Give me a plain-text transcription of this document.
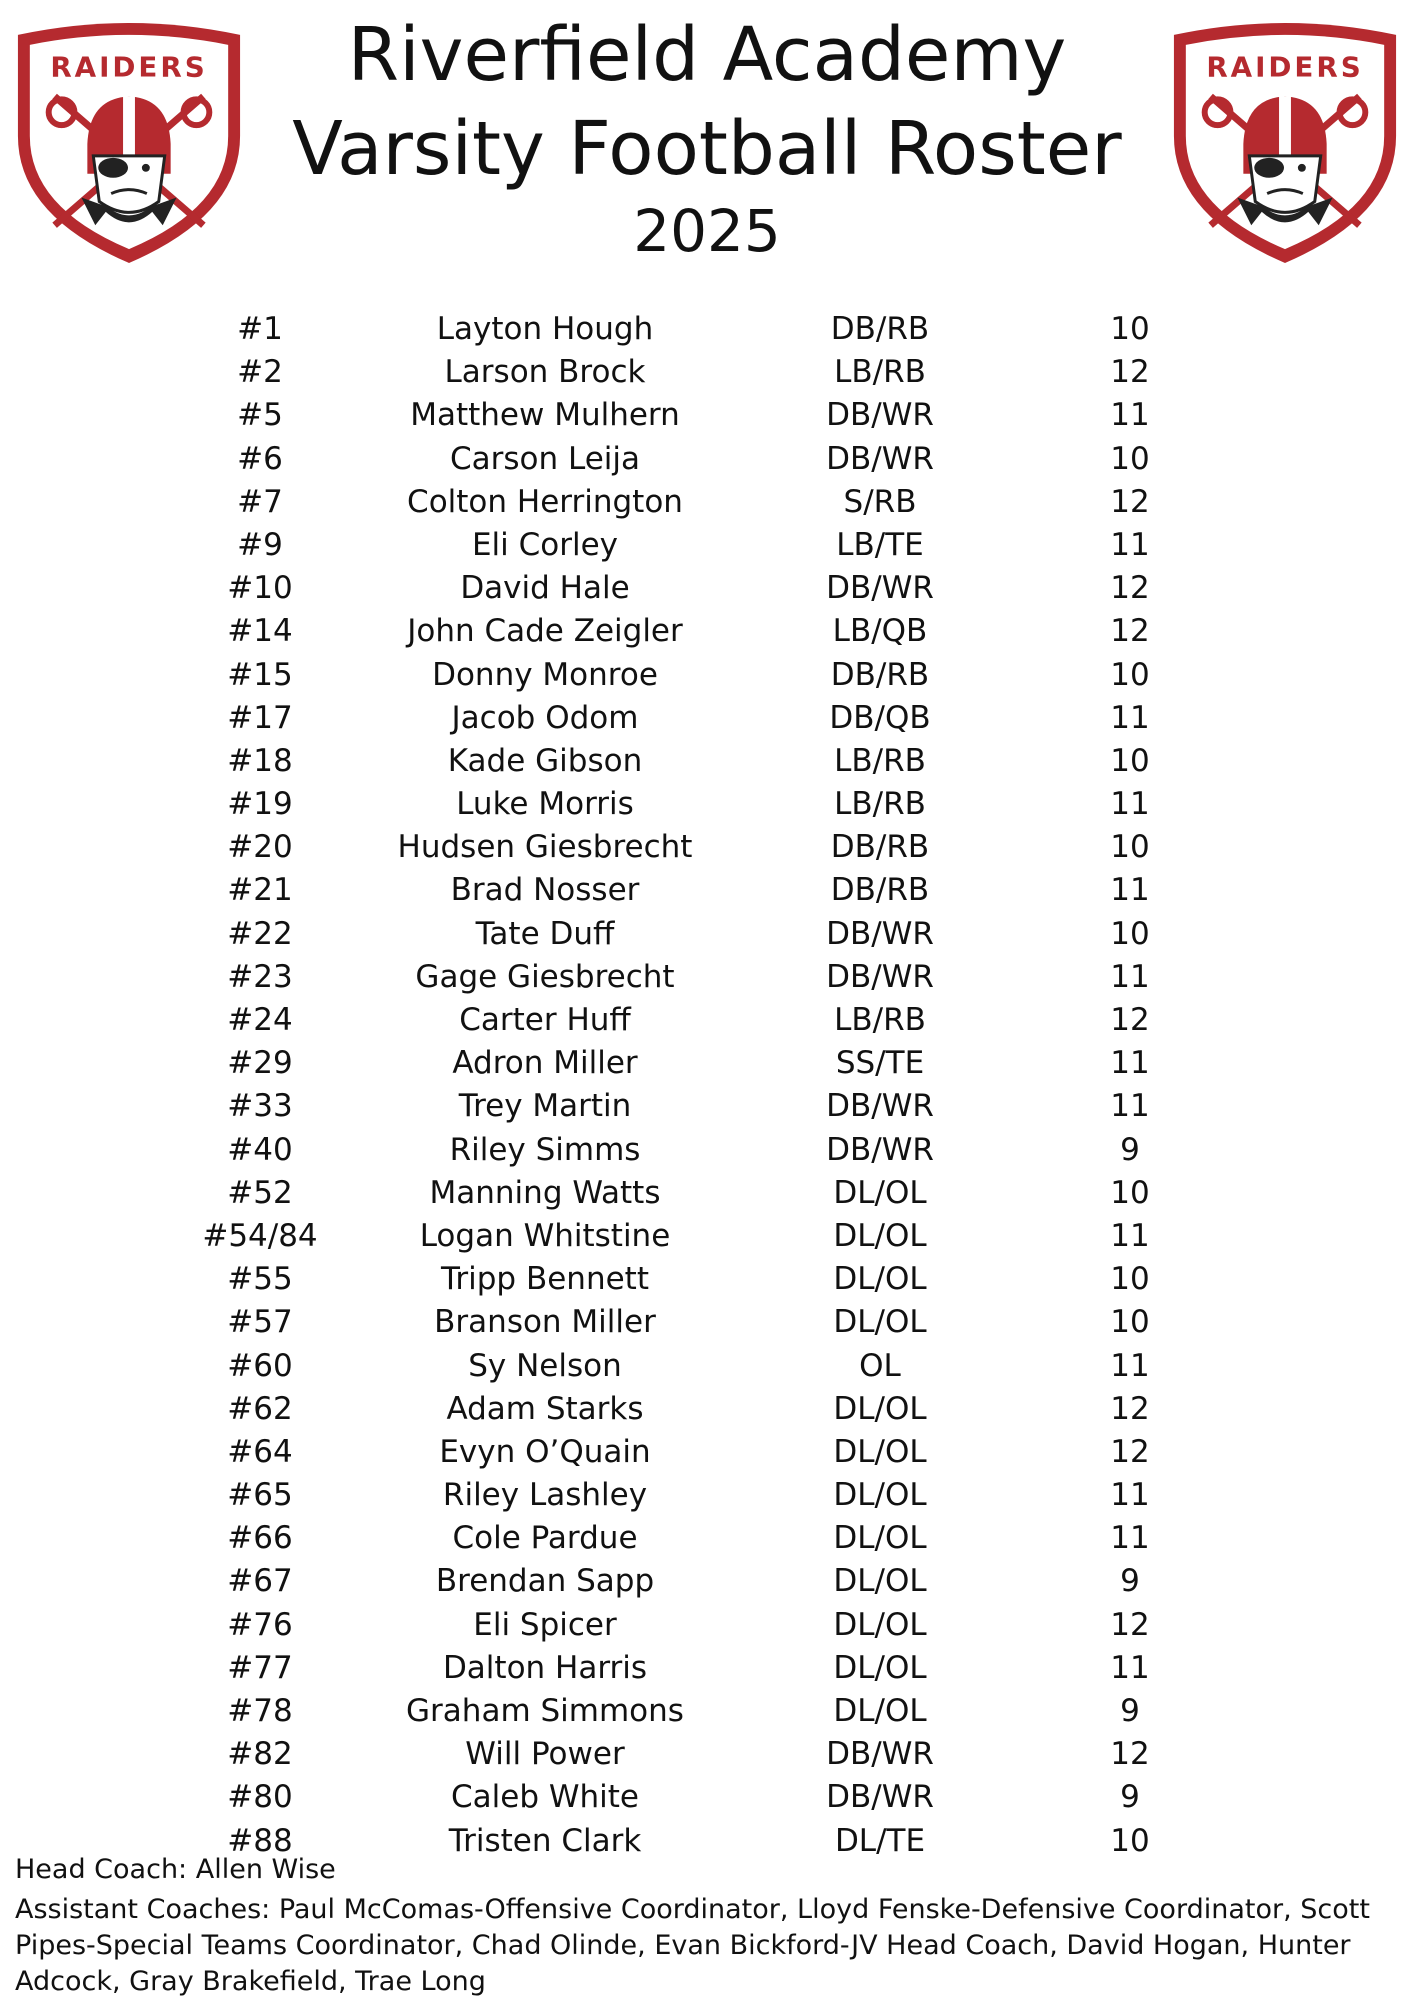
RAIDERS	RAIDERS
Riverfield Academy
Varsity Football Roster
2025
#1	Layton Hough	DB/RB	10
#2	Larson Brock	LB/RB	12
#5	Matthew Mulhern	DB/WR	11
#6	Carson Leija	DB/WR	10
#7	Colton Herrington	S/RB	12
#9	Eli Corley	LB/TE	11
#10	David Hale	DB/WR	12
#14	John Cade Zeigler	LB/QB	12
#15	Donny Monroe	DB/RB	10
#17	Jacob Odom	DB/QB	11
#18	Kade Gibson	LB/RB	10
#19	Luke Morris	LB/RB	11
#20	Hudsen Giesbrecht	DB/RB	10
#21	Brad Nosser	DB/RB	11
#22	Tate Duff	DB/WR	10
#23	Gage Giesbrecht	DB/WR	11
#24	Carter Huff	LB/RB	12
#29	Adron Miller	SS/TE	11
#33	Trey Martin	DB/WR	11
#40	Riley Simms	DB/WR	9
#52	Manning Watts	DL/OL	10
#54/84	Logan Whitstine	DL/OL	11
#55	Tripp Bennett	DL/OL	10
#57	Branson Miller	DL/OL	10
#60	Sy Nelson	OL	11
#62	Adam Starks	DL/OL	12
#64	Evyn O’Quain	DL/OL	12
#65	Riley Lashley	DL/OL	11
#66	Cole Pardue	DL/OL	11
#67	Brendan Sapp	DL/OL	9
#76	Eli Spicer	DL/OL	12
#77	Dalton Harris	DL/OL	11
#78	Graham Simmons	DL/OL	9
#82	Will Power	DB/WR	12
#80	Caleb White	DB/WR	9
#88	Tristen Clark	DL/TE	10
Head Coach: Allen Wise
Assistant Coaches: Paul McComas-Offensive Coordinator, Lloyd Fenske-Defensive Coordinator, Scott Pipes-Special Teams Coordinator, Chad Olinde, Evan Bickford-JV Head Coach, David Hogan, Hunter Adcock, Gray Brakefield, Trae Long
